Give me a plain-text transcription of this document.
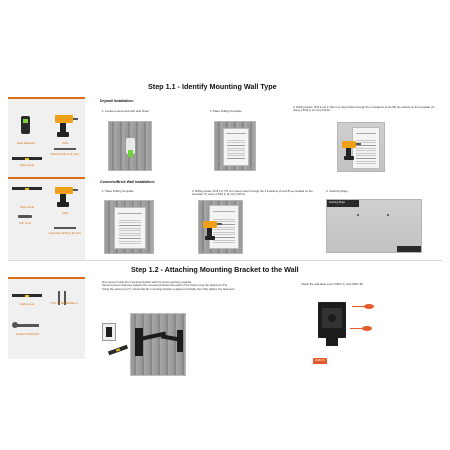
Step 1.1 - Identify Mounting Wall Type
Stud Detector	Drill
Wood 5/32 in (4 mm)
Sprit Level
Drywall Installation:
1. Locate a wood stud with stud finder	2. Place Drilling Template
3. Drilling Holes: Drill 2-1/2 in (64 mm) deep holes through the 2 locations (A and B) as marked on the template (T) using a 5/32 in (4 mm) drill bit.
Sprit Level
Drill
(W) (x 2)
Concrete 5/16 in (8 mm)
Concrete/Brick Wall Installation:
1. Place Drilling Template	2. Drilling Holes: Drill 3 in (75 mm) deep holes through the 2 locations (A and B) as marked on the template (T) using a 5/16 in (8 mm) drill bit.
3. Inserting Plugs
Inserting Plugs
Step 1.2 - Attaching Mounting Bracket to the Wall
Sprit Level	(T1) x2 M6-9x60mm
Socket & Wrench
One person holds the mounting bracket with the arrow pointing upwards.
Second person half-way tightens the mounting bracket into each of the holes using the fasteners (T1).
Using the sprit level (T), check that the mounting bracket is aligned vertically then fully tighten the fasteners.
Attach the wall plate cover (WPC-T) and (WPC-B)
EAB-T2
